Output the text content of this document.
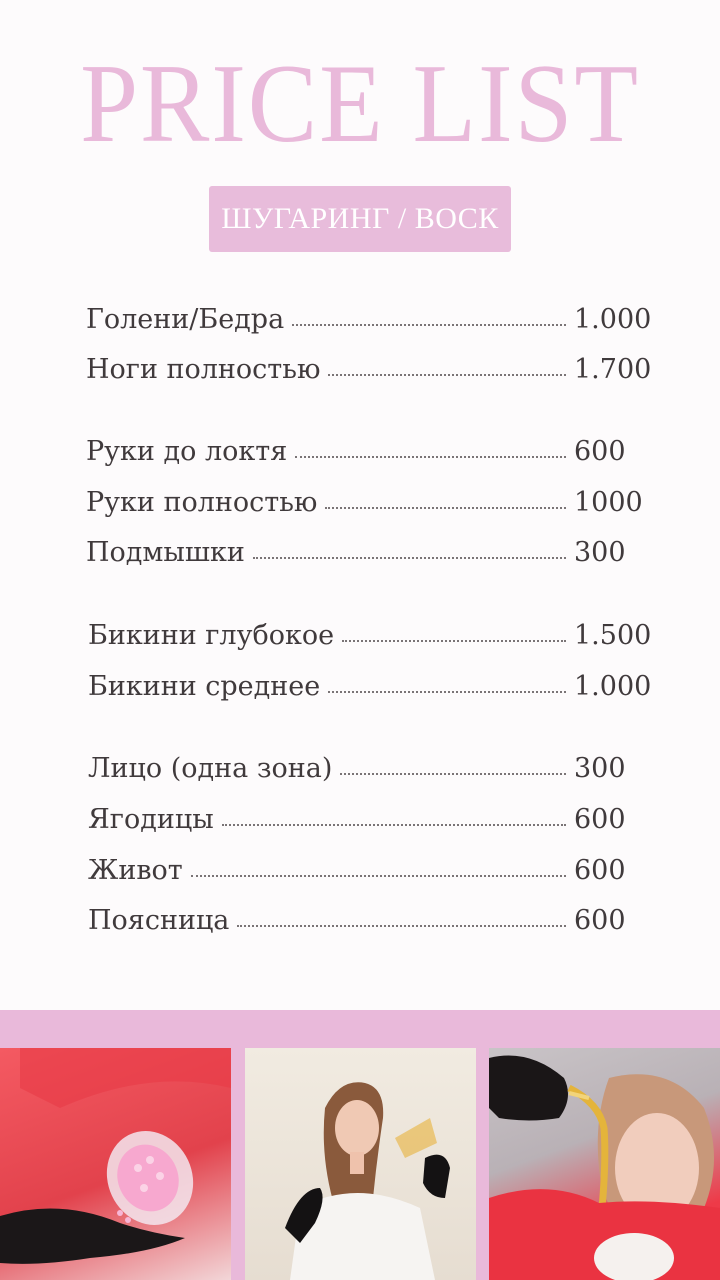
PRICE LIST
ШУГАРИНГ / ВОСК
Голени/Бедра	1.000
Ноги полностью	1.700
Руки до локтя	600
Руки полностью	1000
Подмышки	300
Бикини глубокое	1.500
Бикини среднее	1.000
Лицо (одна зона)	300
Ягодицы	600
Живот	600
Поясница	600
